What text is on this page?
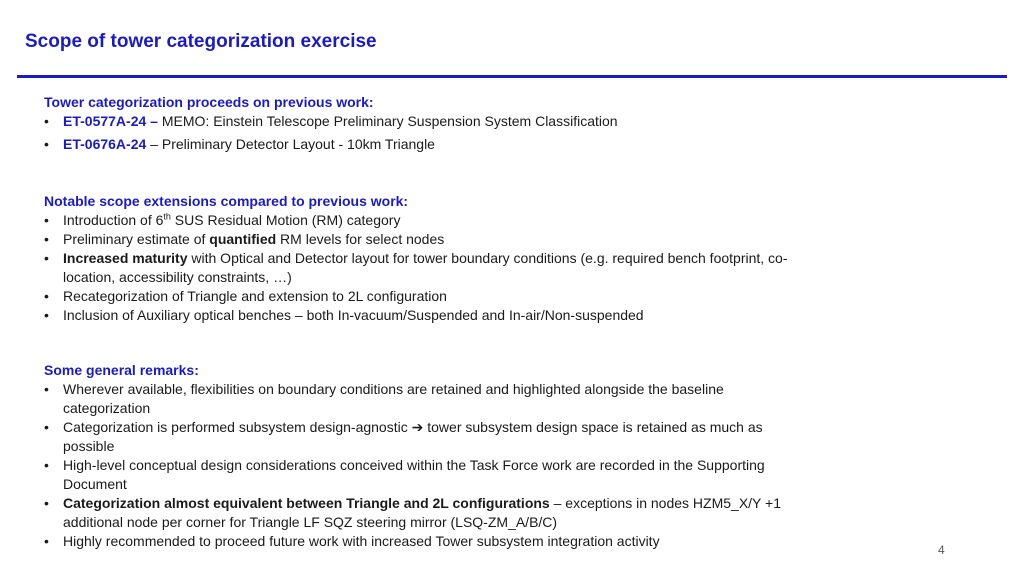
Scope of tower categorization exercise
Tower categorization proceeds on previous work:
•	ET-0577A-24 – MEMO: Einstein Telescope Preliminary Suspension System Classification
•	ET-0676A-24 – Preliminary Detector Layout - 10km Triangle
Notable scope extensions compared to previous work:
•	Introduction of 6th SUS Residual Motion (RM) category
•	Preliminary estimate of quantified RM levels for select nodes
•	Increased maturity with Optical and Detector layout for tower boundary conditions (e.g. required bench footprint, co-location, accessibility constraints, …)
•	Recategorization of Triangle and extension to 2L configuration
•	Inclusion of Auxiliary optical benches – both In-vacuum/Suspended and In-air/Non-suspended
Some general remarks:
•	Wherever available, flexibilities on boundary conditions are retained and highlighted alongside the baseline categorization
•	Categorization is performed subsystem design-agnostic ➔ tower subsystem design space is retained as much as possible
•	High-level conceptual design considerations conceived within the Task Force work are recorded in the Supporting Document
•	Categorization almost equivalent between Triangle and 2L configurations – exceptions in nodes HZM5_X/Y +1 additional node per corner for Triangle LF SQZ steering mirror (LSQ-ZM_A/B/C)
•	Highly recommended to proceed future work with increased Tower subsystem integration activity
4
